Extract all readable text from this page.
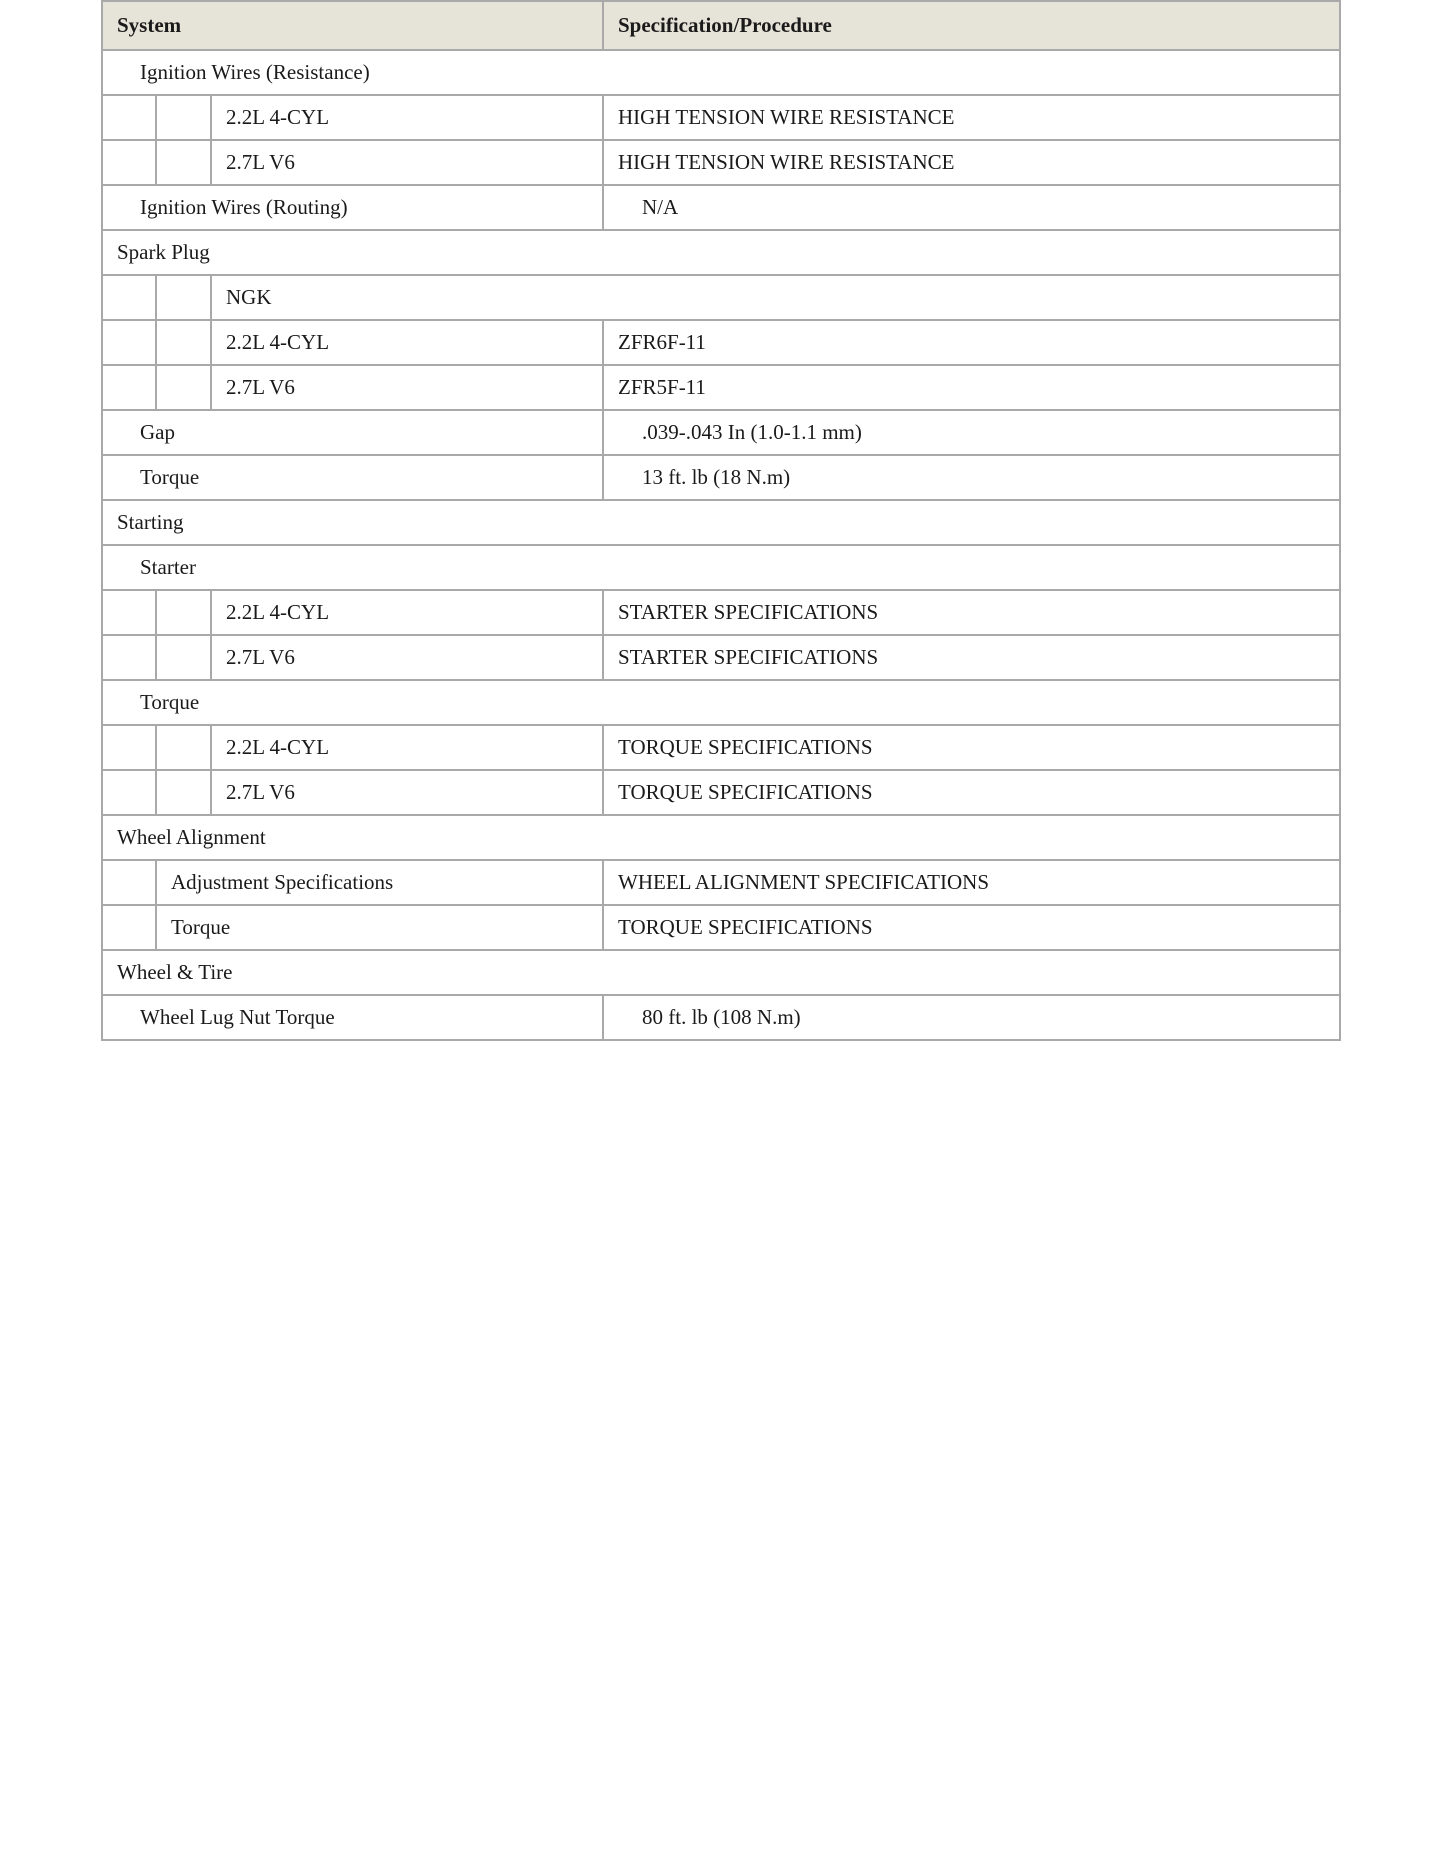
System			Specification/Procedure
Ignition Wires (Resistance)			
		2.2L 4-CYL	HIGH TENSION WIRE RESISTANCE
		2.7L V6	HIGH TENSION WIRE RESISTANCE
Ignition Wires (Routing)			N/A
Spark Plug			
		NGK	
		2.2L 4-CYL	ZFR6F-11
		2.7L V6	ZFR5F-11
Gap			.039-.043 In (1.0-1.1 mm)
Torque			13 ft. lb (18 N.m)
Starting			
Starter			
		2.2L 4-CYL	STARTER SPECIFICATIONS
		2.7L V6	STARTER SPECIFICATIONS
Torque			
		2.2L 4-CYL	TORQUE SPECIFICATIONS
		2.7L V6	TORQUE SPECIFICATIONS
Wheel Alignment			
	Adjustment Specifications		WHEEL ALIGNMENT SPECIFICATIONS
	Torque		TORQUE SPECIFICATIONS
Wheel & Tire			
Wheel Lug Nut Torque			80 ft. lb (108 N.m)
